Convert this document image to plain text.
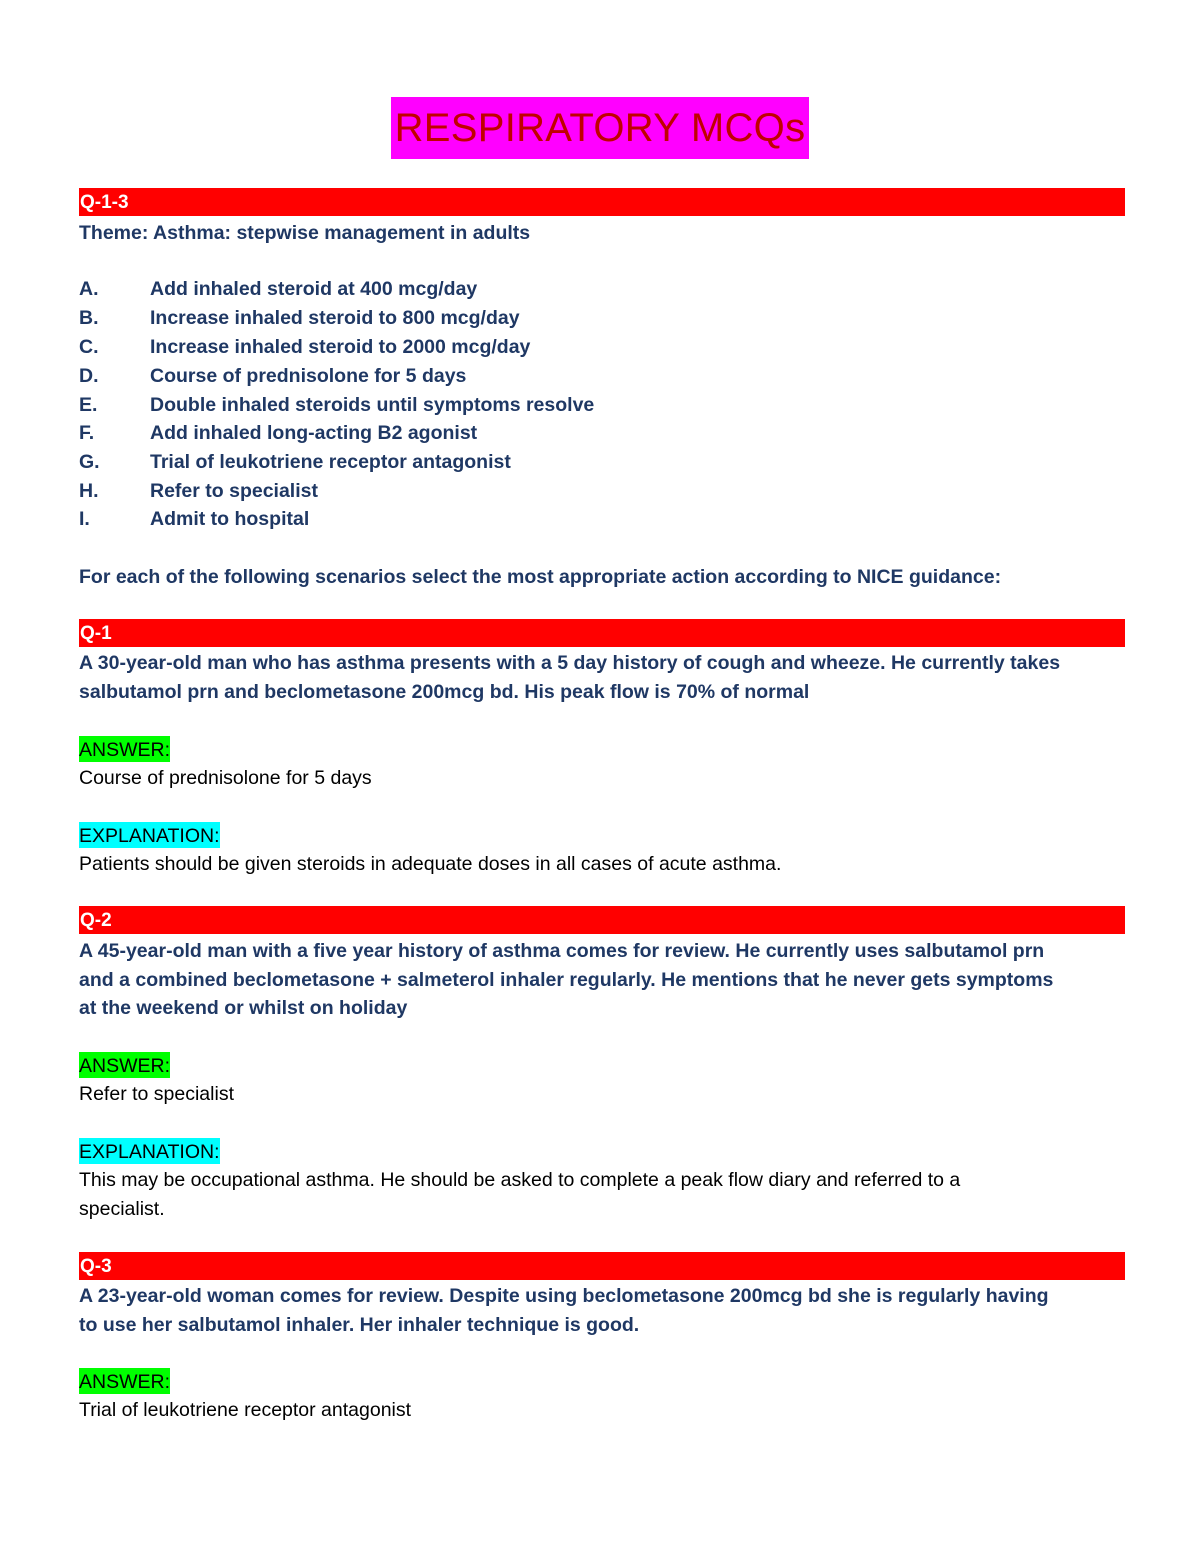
RESPIRATORY MCQs
Q-1-3
Theme: Asthma: stepwise management in adults
A.	Add inhaled steroid at 400 mcg/day
B.	Increase inhaled steroid to 800 mcg/day
C.	Increase inhaled steroid to 2000 mcg/day
D.	Course of prednisolone for 5 days
E.	Double inhaled steroids until symptoms resolve
F.	Add inhaled long-acting B2 agonist
G.	Trial of leukotriene receptor antagonist
H.	Refer to specialist
I.	Admit to hospital
For each of the following scenarios select the most appropriate action according to NICE guidance:
Q-1
A 30-year-old man who has asthma presents with a 5 day history of cough and wheeze. He currently takes
salbutamol prn and beclometasone 200mcg bd. His peak flow is 70% of normal
ANSWER:
Course of prednisolone for 5 days
EXPLANATION:
Patients should be given steroids in adequate doses in all cases of acute asthma.
Q-2
A 45-year-old man with a five year history of asthma comes for review. He currently uses salbutamol prn
and a combined beclometasone + salmeterol inhaler regularly. He mentions that he never gets symptoms
at the weekend or whilst on holiday
ANSWER:
Refer to specialist
EXPLANATION:
This may be occupational asthma. He should be asked to complete a peak flow diary and referred to a
specialist.
Q-3
A 23-year-old woman comes for review. Despite using beclometasone 200mcg bd she is regularly having
to use her salbutamol inhaler. Her inhaler technique is good.
ANSWER:
Trial of leukotriene receptor antagonist
